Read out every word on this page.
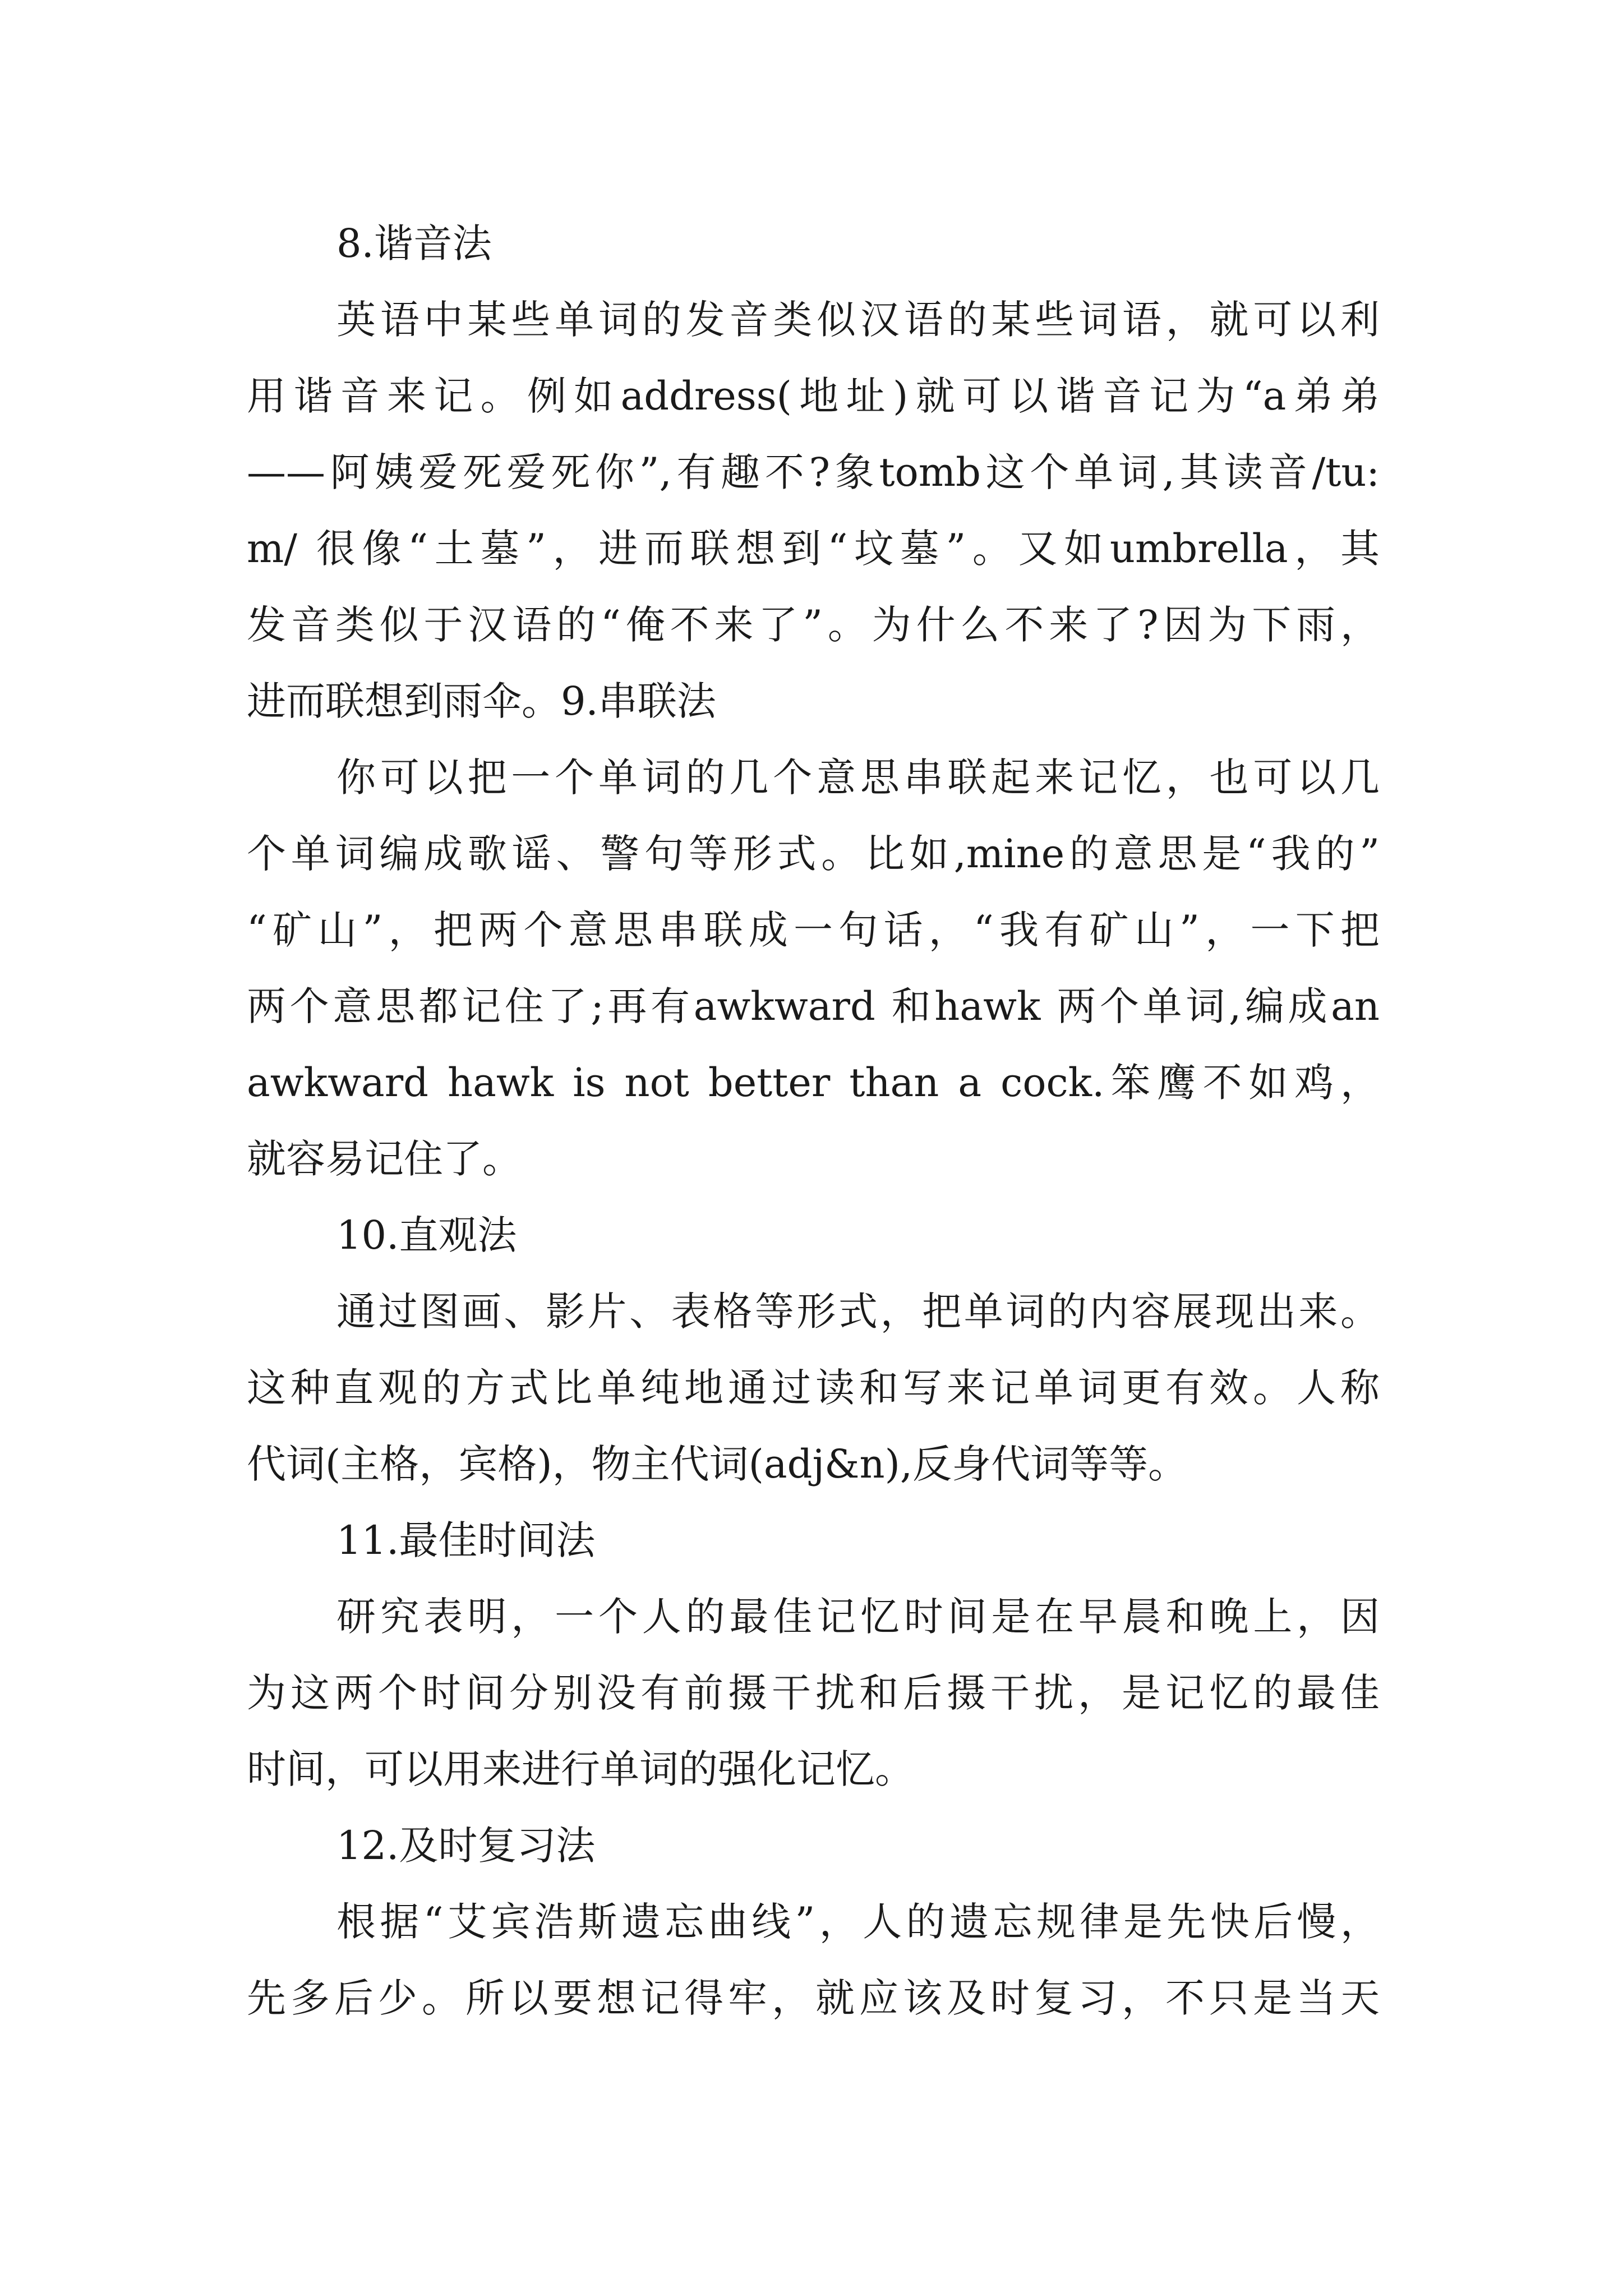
8.谐音法
英语中某些单词的发音类似汉语的某些词语，就可以利
用谐音来记。例如address(地址)就可以谐音记为“a弟弟
——阿姨爱死爱死你”,有趣不?象tomb这个单词,其读音/tu:
m/ 很像“土墓”，进而联想到“坟墓”。又如umbrella，其
发音类似于汉语的“俺不来了”。为什么不来了?因为下雨，
进而联想到雨伞。9.串联法
你可以把一个单词的几个意思串联起来记忆，也可以几
个单词编成歌谣、警句等形式。比如,mine的意思是“我的”
“矿山”，把两个意思串联成一句话，“我有矿山”，一下把
两个意思都记住了;再有awkward 和hawk 两个单词,编成an
awkward hawk is not better than a cock.笨鹰不如鸡，
就容易记住了。
10.直观法
通过图画、影片、表格等形式，把单词的内容展现出来。
这种直观的方式比单纯地通过读和写来记单词更有效。人称
代词(主格，宾格)，物主代词(adj&n),反身代词等等。
11.最佳时间法
研究表明，一个人的最佳记忆时间是在早晨和晚上，因
为这两个时间分别没有前摄干扰和后摄干扰，是记忆的最佳
时间，可以用来进行单词的强化记忆。
12.及时复习法
根据“艾宾浩斯遗忘曲线”，人的遗忘规律是先快后慢，
先多后少。所以要想记得牢，就应该及时复习，不只是当天
